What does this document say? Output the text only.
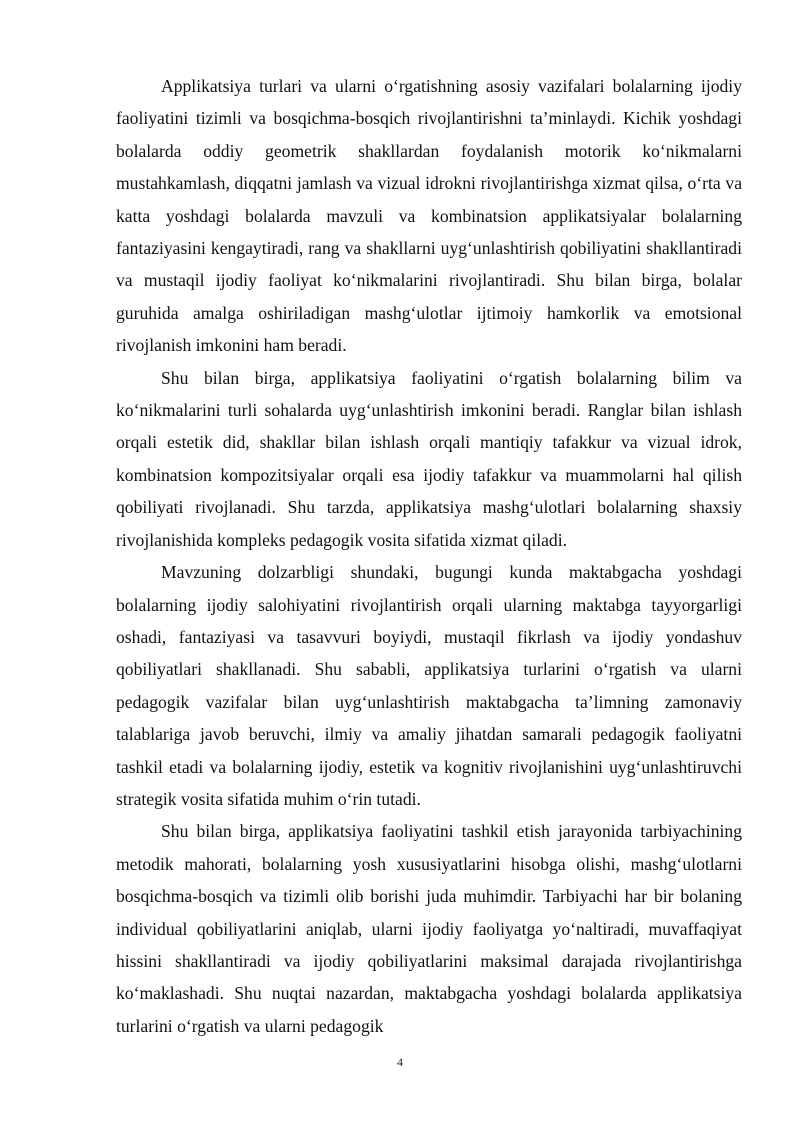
Applikatsiya turlari va ularni o‘rgatishning asosiy vazifalari bolalarning ijodiy faoliyatini tizimli va bosqichma-bosqich rivojlantirishni ta’minlaydi. Kichik yoshdagi bolalarda oddiy geometrik shakllardan foydalanish motorik ko‘nikmalarni mustahkamlash, diqqatni jamlash va vizual idrokni rivojlantirishga xizmat qilsa, o‘rta va katta yoshdagi bolalarda mavzuli va kombinatsion applikatsiyalar bolalarning fantaziyasini kengaytiradi, rang va shakllarni uyg‘unlashtirish qobiliyatini shakllantiradi va mustaqil ijodiy faoliyat ko‘nikmalarini rivojlantiradi. Shu bilan birga, bolalar guruhida amalga oshiriladigan mashg‘ulotlar ijtimoiy hamkorlik va emotsional rivojlanish imkonini ham beradi.

Shu bilan birga, applikatsiya faoliyatini o‘rgatish bolalarning bilim va ko‘nikmalarini turli sohalarda uyg‘unlashtirish imkonini beradi. Ranglar bilan ishlash orqali estetik did, shakllar bilan ishlash orqali mantiqiy tafakkur va vizual idrok, kombinatsion kompozitsiyalar orqali esa ijodiy tafakkur va muammolarni hal qilish qobiliyati rivojlanadi. Shu tarzda, applikatsiya mashg‘ulotlari bolalarning shaxsiy rivojlanishida kompleks pedagogik vosita sifatida xizmat qiladi.

Mavzuning dolzarbligi shundaki, bugungi kunda maktabgacha yoshdagi bolalarning ijodiy salohiyatini rivojlantirish orqali ularning maktabga tayyorgarligi oshadi, fantaziyasi va tasavvuri boyiydi, mustaqil fikrlash va ijodiy yondashuv qobiliyatlari shakllanadi. Shu sababli, applikatsiya turlarini o‘rgatish va ularni pedagogik vazifalar bilan uyg‘unlashtirish maktabgacha ta’limning zamonaviy talablariga javob beruvchi, ilmiy va amaliy jihatdan samarali pedagogik faoliyatni tashkil etadi va bolalarning ijodiy, estetik va kognitiv rivojlanishini uyg‘unlashtiruvchi strategik vosita sifatida muhim o‘rin tutadi.

Shu bilan birga, applikatsiya faoliyatini tashkil etish jarayonida tarbiyachining metodik mahorati, bolalarning yosh xususiyatlarini hisobga olishi, mashg‘ulotlarni bosqichma-bosqich va tizimli olib borishi juda muhimdir. Tarbiyachi har bir bolaning individual qobiliyatlarini aniqlab, ularni ijodiy faoliyatga yo‘naltiradi, muvaffaqiyat hissini shakllantiradi va ijodiy qobiliyatlarini maksimal darajada rivojlantirishga ko‘maklashadi. Shu nuqtai nazardan, maktabgacha yoshdagi bolalarda applikatsiya turlarini o‘rgatish va ularni pedagogik

4
